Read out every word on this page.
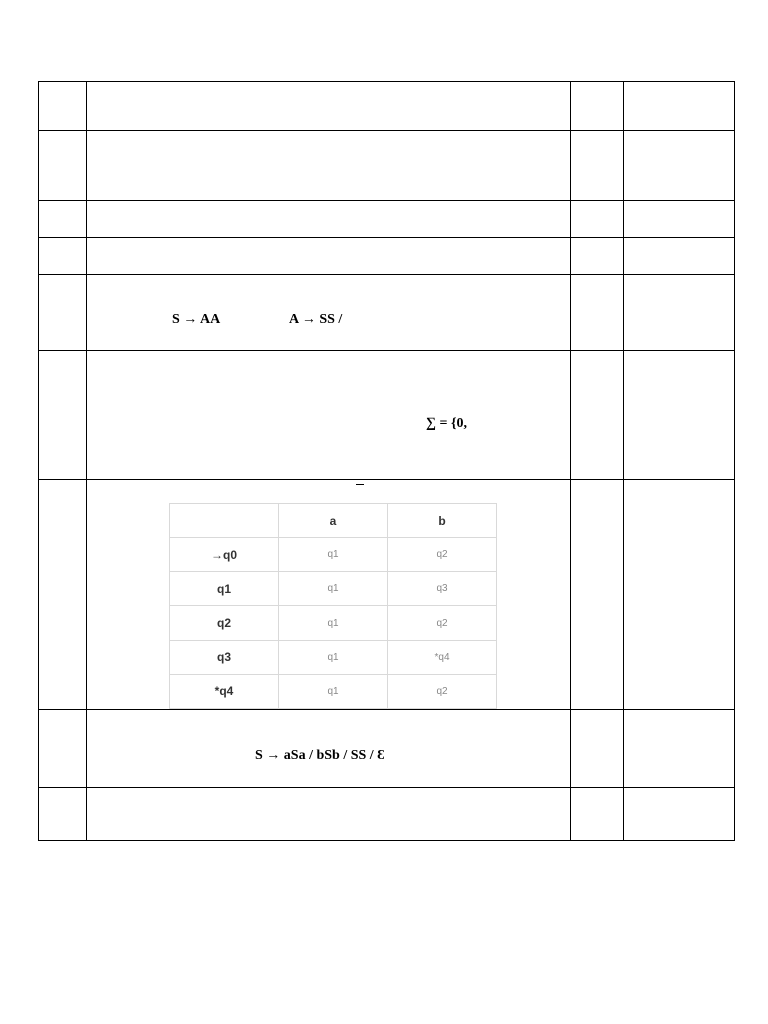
S → AA	A → SS /
∑ = {0,
	a	b
→q0	q1	q2
q1	q1	q3
q2	q1	q2
q3	q1	*q4
*q4	q1	q2
S → aSa / bSb / SS / Ɛ
